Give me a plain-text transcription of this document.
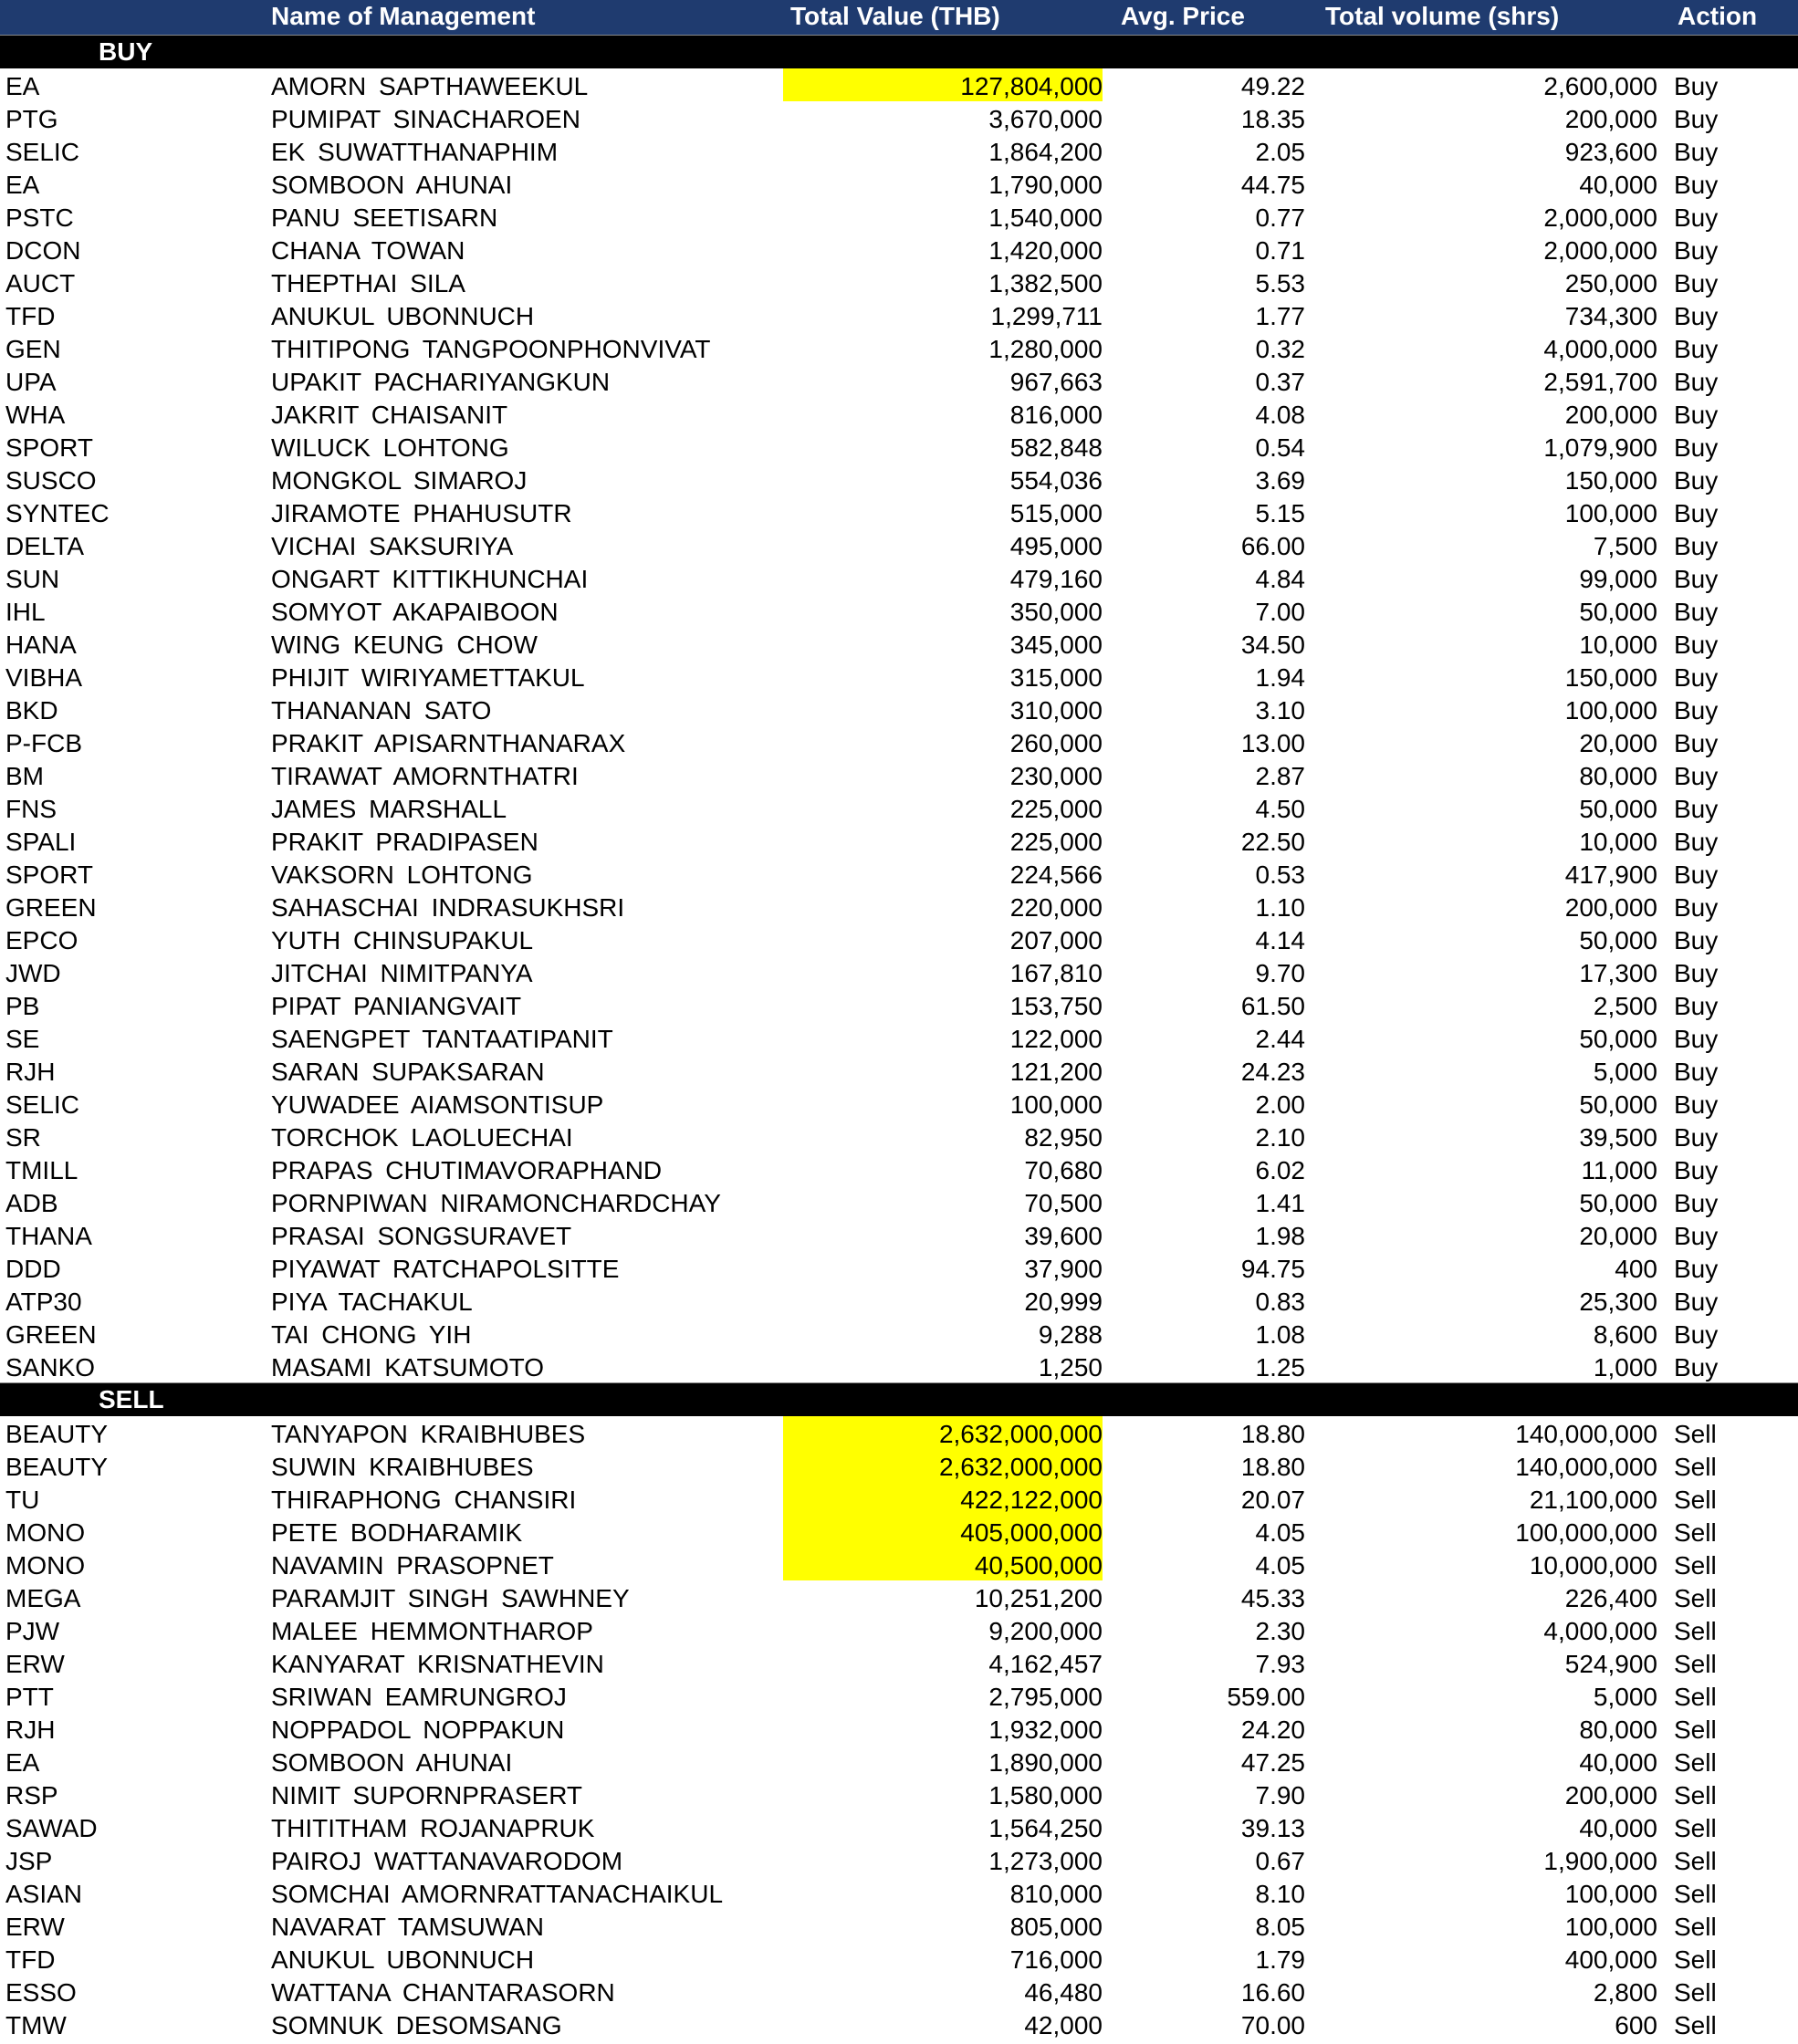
Name of Management	Total Value (THB)	Avg. Price	Total volume (shrs)	Action
BUY
EA	AMORN SAPTHAWEEKUL	127,804,000	49.22	2,600,000 Buy
PTG	PUMIPAT SINACHAROEN	3,670,000	18.35	200,000 Buy
SELIC	EK SUWATTHANAPHIM	1,864,200	2.05	923,600 Buy
EA	SOMBOON AHUNAI	1,790,000	44.75	40,000 Buy
PSTC	PANU SEETISARN	1,540,000	0.77	2,000,000 Buy
DCON	CHANA TOWAN	1,420,000	0.71	2,000,000 Buy
AUCT	THEPTHAI SILA	1,382,500	5.53	250,000 Buy
TFD	ANUKUL UBONNUCH	1,299,711	1.77	734,300 Buy
GEN	THITIPONG TANGPOONPHONVIVAT	1,280,000	0.32	4,000,000 Buy
UPA	UPAKIT PACHARIYANGKUN	967,663	0.37	2,591,700 Buy
WHA	JAKRIT CHAISANIT	816,000	4.08	200,000 Buy
SPORT	WILUCK LOHTONG	582,848	0.54	1,079,900 Buy
SUSCO	MONGKOL SIMAROJ	554,036	3.69	150,000 Buy
SYNTEC	JIRAMOTE PHAHUSUTR	515,000	5.15	100,000 Buy
DELTA	VICHAI SAKSURIYA	495,000	66.00	7,500 Buy
SUN	ONGART KITTIKHUNCHAI	479,160	4.84	99,000 Buy
IHL	SOMYOT AKAPAIBOON	350,000	7.00	50,000 Buy
HANA	WING KEUNG CHOW	345,000	34.50	10,000 Buy
VIBHA	PHIJIT WIRIYAMETTAKUL	315,000	1.94	150,000 Buy
BKD	THANANAN SATO	310,000	3.10	100,000 Buy
P-FCB	PRAKIT APISARNTHANARAX	260,000	13.00	20,000 Buy
BM	TIRAWAT AMORNTHATRI	230,000	2.87	80,000 Buy
FNS	JAMES MARSHALL	225,000	4.50	50,000 Buy
SPALI	PRAKIT PRADIPASEN	225,000	22.50	10,000 Buy
SPORT	VAKSORN LOHTONG	224,566	0.53	417,900 Buy
GREEN	SAHASCHAI INDRASUKHSRI	220,000	1.10	200,000 Buy
EPCO	YUTH CHINSUPAKUL	207,000	4.14	50,000 Buy
JWD	JITCHAI NIMITPANYA	167,810	9.70	17,300 Buy
PB	PIPAT PANIANGVAIT	153,750	61.50	2,500 Buy
SE	SAENGPET TANTAATIPANIT	122,000	2.44	50,000 Buy
RJH	SARAN SUPAKSARAN	121,200	24.23	5,000 Buy
SELIC	YUWADEE AIAMSONTISUP	100,000	2.00	50,000 Buy
SR	TORCHOK LAOLUECHAI	82,950	2.10	39,500 Buy
TMILL	PRAPAS CHUTIMAVORAPHAND	70,680	6.02	11,000 Buy
ADB	PORNPIWAN NIRAMONCHARDCHAY	70,500	1.41	50,000 Buy
THANA	PRASAI SONGSURAVET	39,600	1.98	20,000 Buy
DDD	PIYAWAT RATCHAPOLSITTE	37,900	94.75	400 Buy
ATP30	PIYA TACHAKUL	20,999	0.83	25,300 Buy
GREEN	TAI CHONG YIH	9,288	1.08	8,600 Buy
SANKO	MASAMI KATSUMOTO	1,250	1.25	1,000 Buy
SELL
BEAUTY	TANYAPON KRAIBHUBES	2,632,000,000	18.80	140,000,000 Sell
BEAUTY	SUWIN KRAIBHUBES	2,632,000,000	18.80	140,000,000 Sell
TU	THIRAPHONG CHANSIRI	422,122,000	20.07	21,100,000 Sell
MONO	PETE BODHARAMIK	405,000,000	4.05	100,000,000 Sell
MONO	NAVAMIN PRASOPNET	40,500,000	4.05	10,000,000 Sell
MEGA	PARAMJIT SINGH SAWHNEY	10,251,200	45.33	226,400 Sell
PJW	MALEE HEMMONTHAROP	9,200,000	2.30	4,000,000 Sell
ERW	KANYARAT KRISNATHEVIN	4,162,457	7.93	524,900 Sell
PTT	SRIWAN EAMRUNGROJ	2,795,000	559.00	5,000 Sell
RJH	NOPPADOL NOPPAKUN	1,932,000	24.20	80,000 Sell
EA	SOMBOON AHUNAI	1,890,000	47.25	40,000 Sell
RSP	NIMIT SUPORNPRASERT	1,580,000	7.90	200,000 Sell
SAWAD	THITITHAM ROJANAPRUK	1,564,250	39.13	40,000 Sell
JSP	PAIROJ WATTANAVARODOM	1,273,000	0.67	1,900,000 Sell
ASIAN	SOMCHAI AMORNRATTANACHAIKUL	810,000	8.10	100,000 Sell
ERW	NAVARAT TAMSUWAN	805,000	8.05	100,000 Sell
TFD	ANUKUL UBONNUCH	716,000	1.79	400,000 Sell
ESSO	WATTANA CHANTARASORN	46,480	16.60	2,800 Sell
TMW	SOMNUK DESOMSANG	42,000	70.00	600 Sell
